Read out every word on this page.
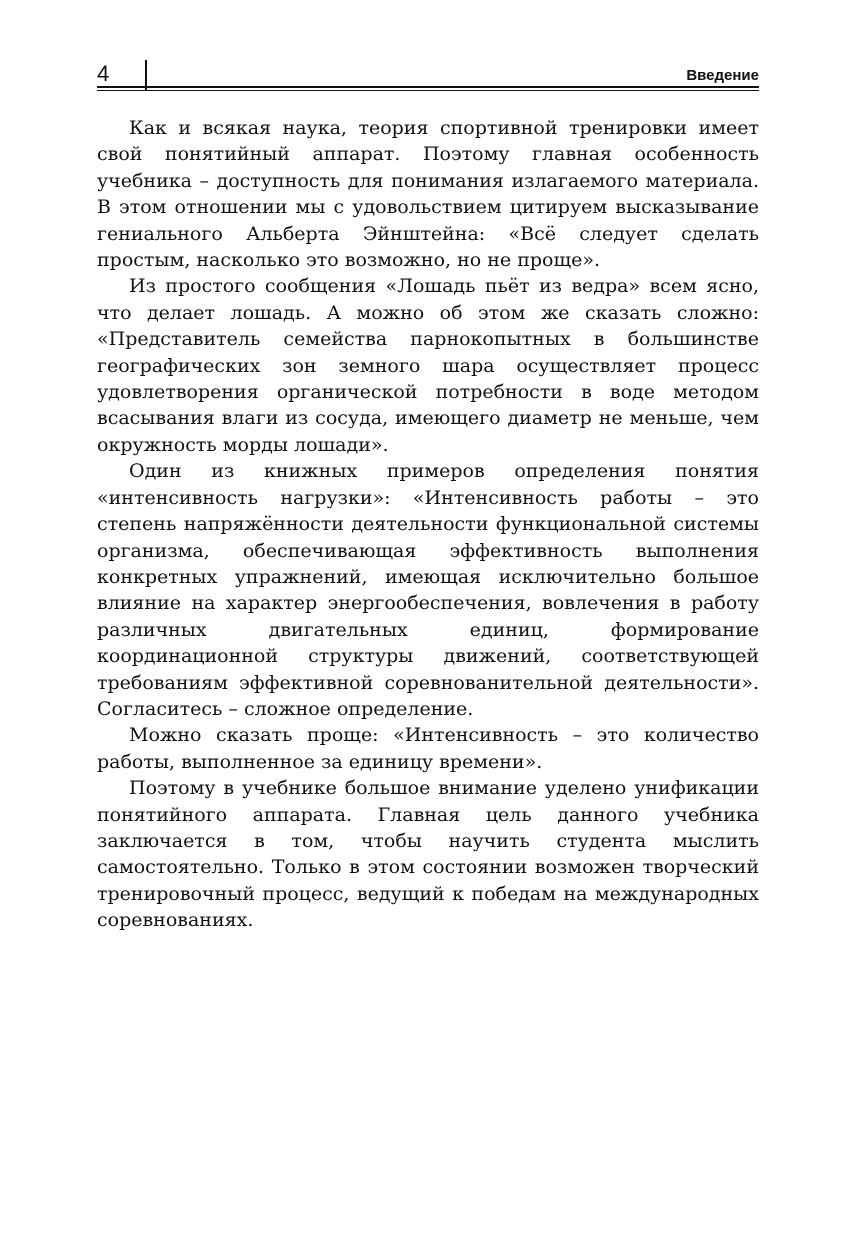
4	Введение

Как и всякая наука, теория спортивной тренировки имеет свой понятийный аппарат. Поэтому главная особенность учебника – доступность для понимания излагаемого материала. В этом отношении мы с удовольствием цитируем высказывание гениального Альберта Эйнштейна: «Всё следует сделать простым, насколько это возможно, но не проще».

Из простого сообщения «Лошадь пьёт из ведра» всем ясно, что делает лошадь. А можно об этом же сказать сложно: «Представитель семейства парнокопытных в большинстве географических зон земного шара осуществляет процесс удовлетворения органической потребности в воде методом всасывания влаги из сосуда, имеющего диаметр не меньше, чем окружность морды лошади».

Один из книжных примеров определения понятия «интенсивность нагрузки»: «Интенсивность работы – это степень напряжённости деятельности функциональной системы организма, обеспечивающая эффективность выполнения конкретных упражнений, имеющая исключительно большое влияние на характер энергообеспечения, вовлечения в работу различных двигательных единиц, формирование координационной структуры движений, соответствующей требованиям эффективной соревнованительной деятельности». Согласитесь – сложное определение.

Можно сказать проще: «Интенсивность – это количество работы, выполненное за единицу времени».

Поэтому в учебнике большое внимание уделено унификации понятийного аппарата. Главная цель данного учебника заключается в том, чтобы научить студента мыслить самостоятельно. Только в этом состоянии возможен творческий тренировочный процесс, ведущий к победам на международных соревнованиях.
